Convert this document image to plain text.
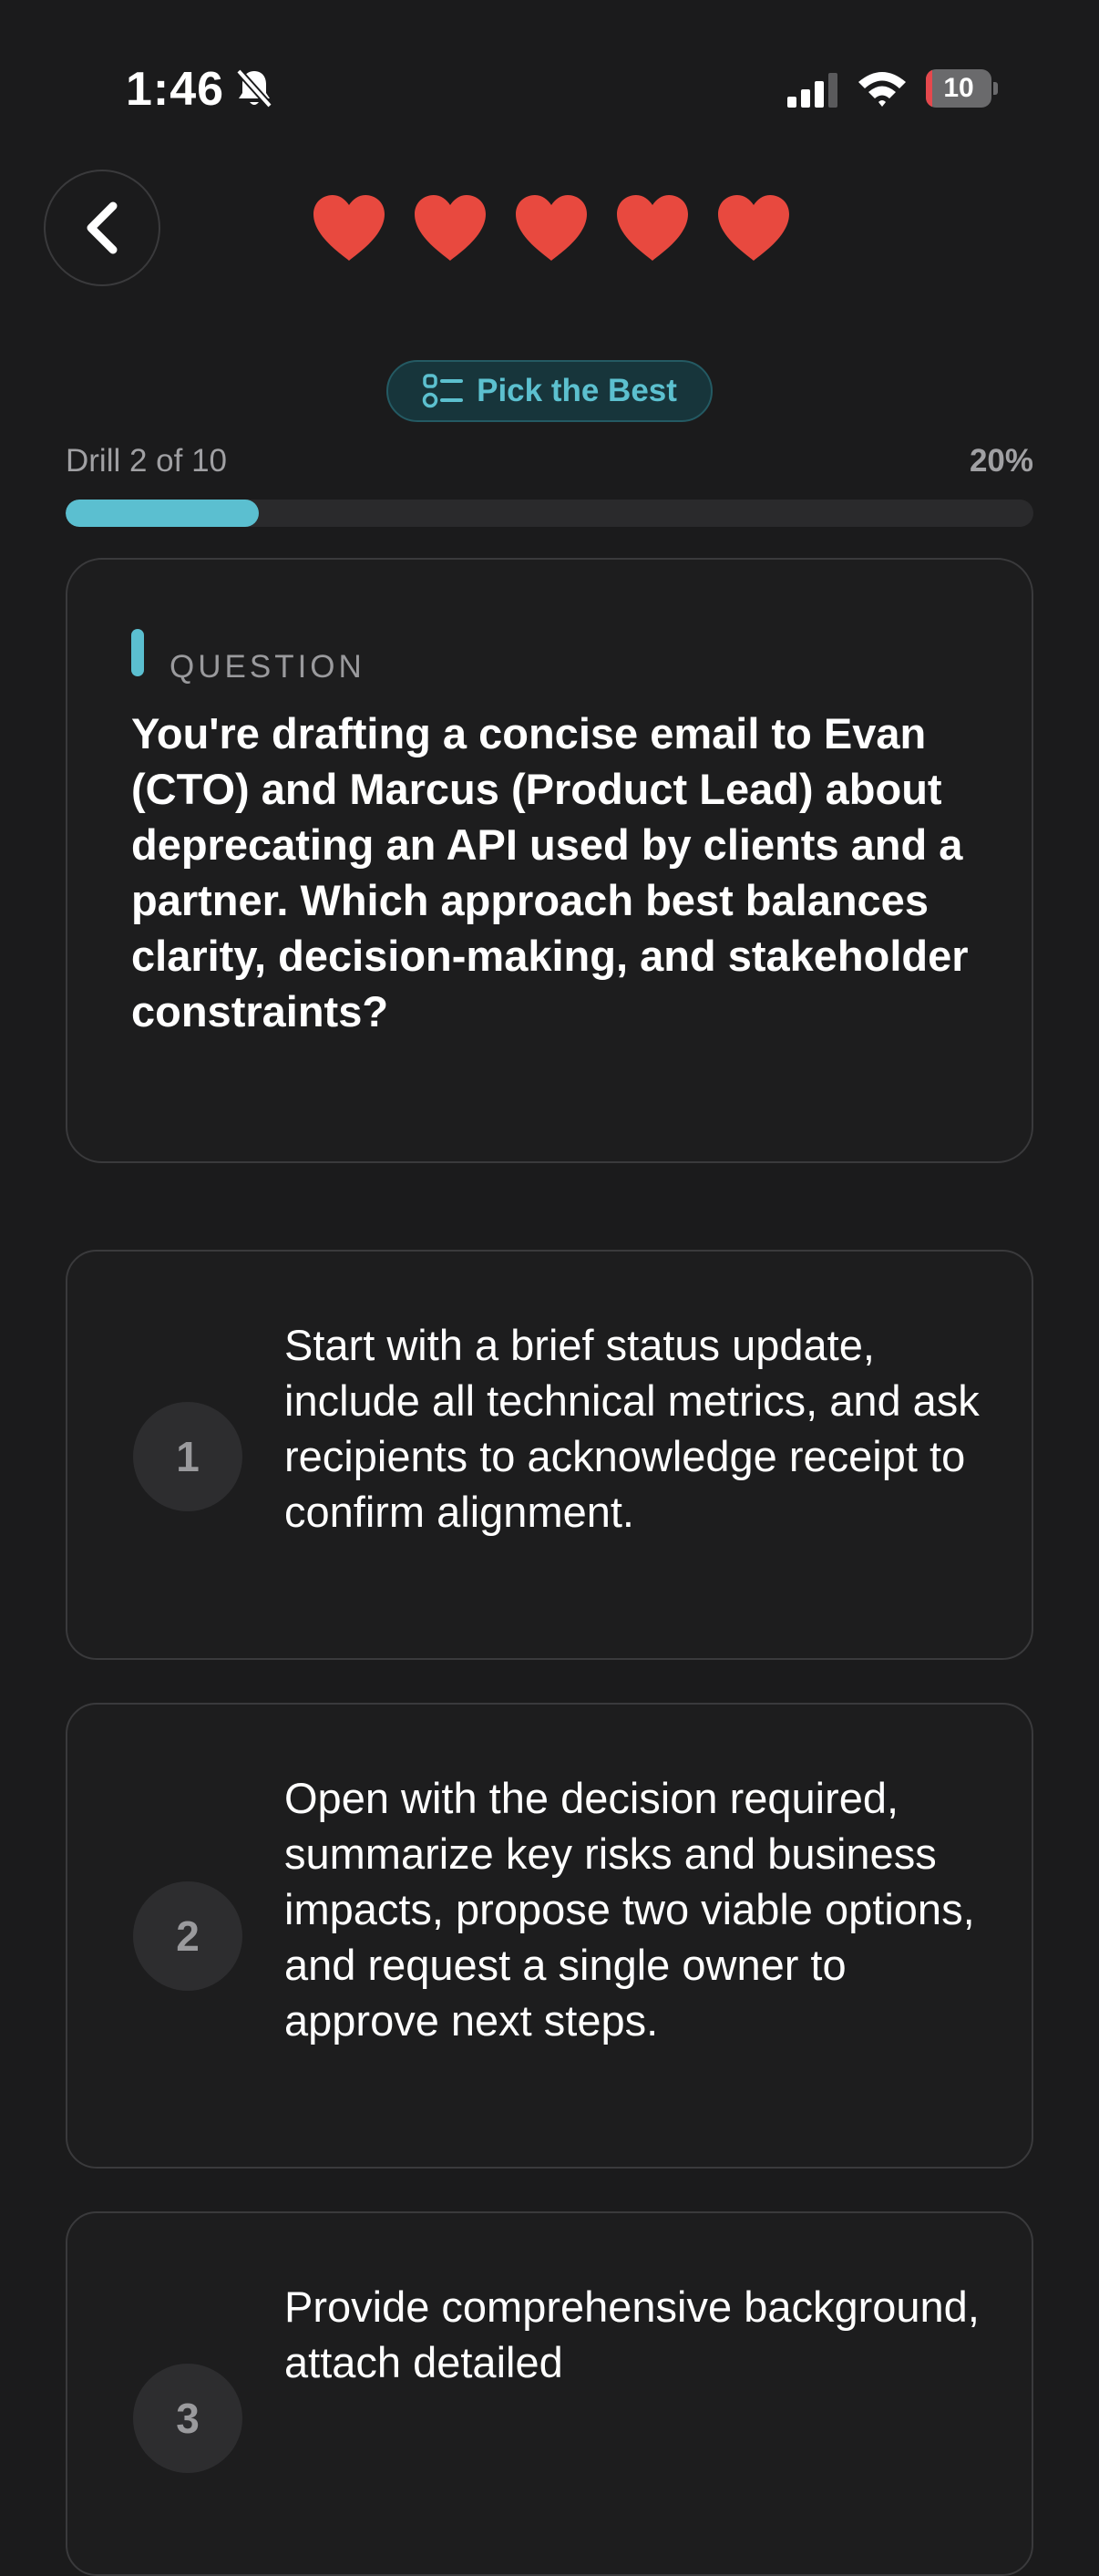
1:46	10
Pick the Best
Drill 2 of 10	20%
QUESTION
You're drafting a concise email to Evan (CTO) and Marcus (Product Lead) about deprecating an API used by clients and a partner. Which approach best balances clarity, decision-making, and stakeholder constraints?
1
Start with a brief status update, include all technical metrics, and ask recipients to acknowledge receipt to confirm alignment.
2
Open with the decision required, summarize key risks and business impacts, propose two viable options, and request a single owner to approve next steps.
3
Provide comprehensive background, attach detailed
